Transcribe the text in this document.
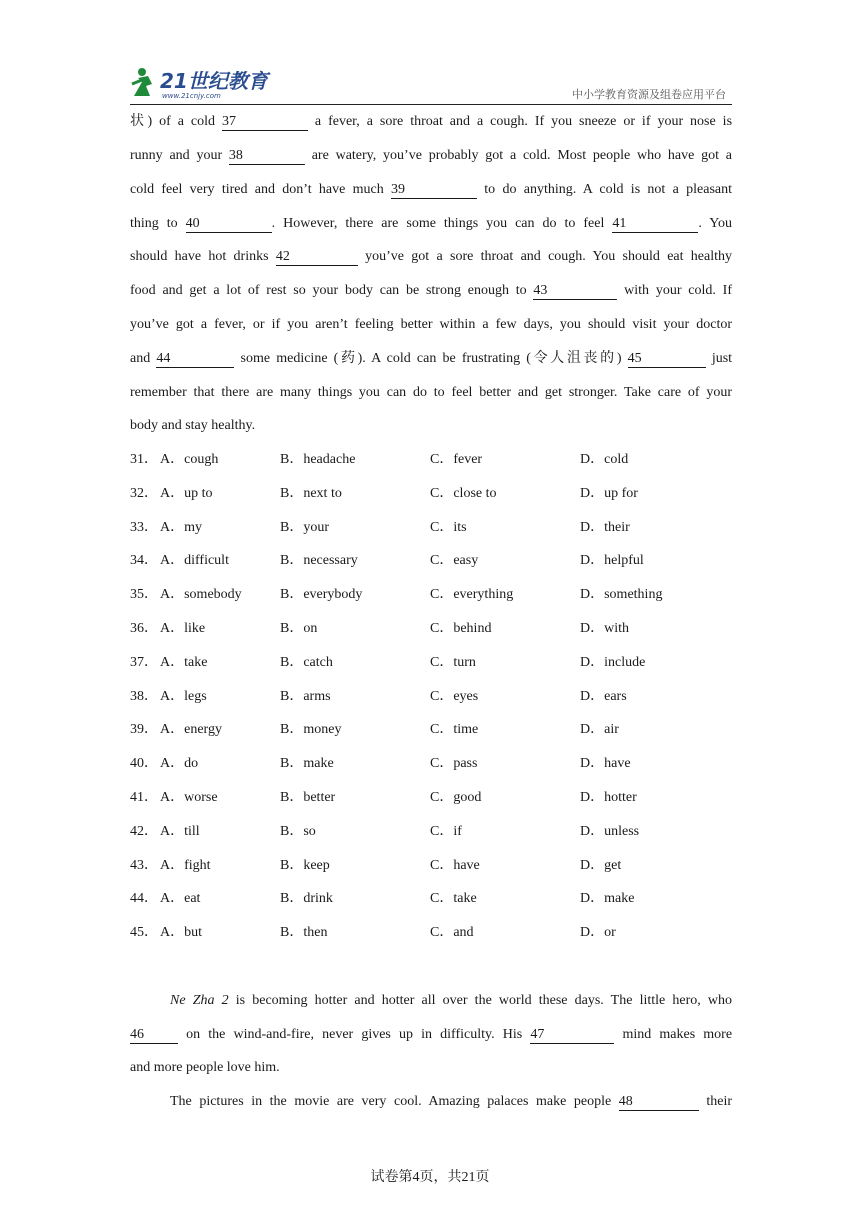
21世纪教育
www.21cnjy.com	中小学教育资源及组卷应用平台
状) of a cold 37	a fever, a sore throat and a cough. If you sneeze or if your nose is
runny and your 38	are watery, you’ve probably got a cold. Most people who have got a
cold feel very tired and don’t have much 39	to do anything. A cold is not a pleasant
thing to 40	. However, there are some things you can do to feel 41	. You
should have hot drinks 42	you’ve got a sore throat and cough. You should eat healthy
food and get a lot of rest so your body can be strong enough to 43	with your cold. If
you’ve got a fever, or if you aren’t feeling better within a few days, you should visit your doctor
and 44	some medicine (药). A cold can be frustrating (令人沮丧的) 45	just
remember that there are many things you can do to feel better and get stronger. Take care of your
body and stay healthy.
31． A．cough	B．headache	C．fever	D．cold
32． A．up to	B．next to	C．close to	D．up for
33． A．my	B．your	C．its	D．their
34． A．difficult	B．necessary	C．easy	D．helpful
35． A．somebody	B．everybody	C．everything	D．something
36． A．like	B．on	C．behind	D．with
37． A．take	B．catch	C．turn	D．include
38． A．legs	B．arms	C．eyes	D．ears
39． A．energy	B．money	C．time	D．air
40． A．do	B．make	C．pass	D．have
41． A．worse	B．better	C．good	D．hotter
42． A．till	B．so	C．if	D．unless
43． A．fight	B．keep	C．have	D．get
44． A．eat	B．drink	C．take	D．make
45． A．but	B．then	C．and	D．or
Ne Zha 2 is becoming hotter and hotter all over the world these days. The little hero, who
46	on the wind-and-fire, never gives up in difficulty. His 47	mind makes more
and more people love him.
The pictures in the movie are very cool. Amazing palaces make people 48	their
试卷第4页，共21页
